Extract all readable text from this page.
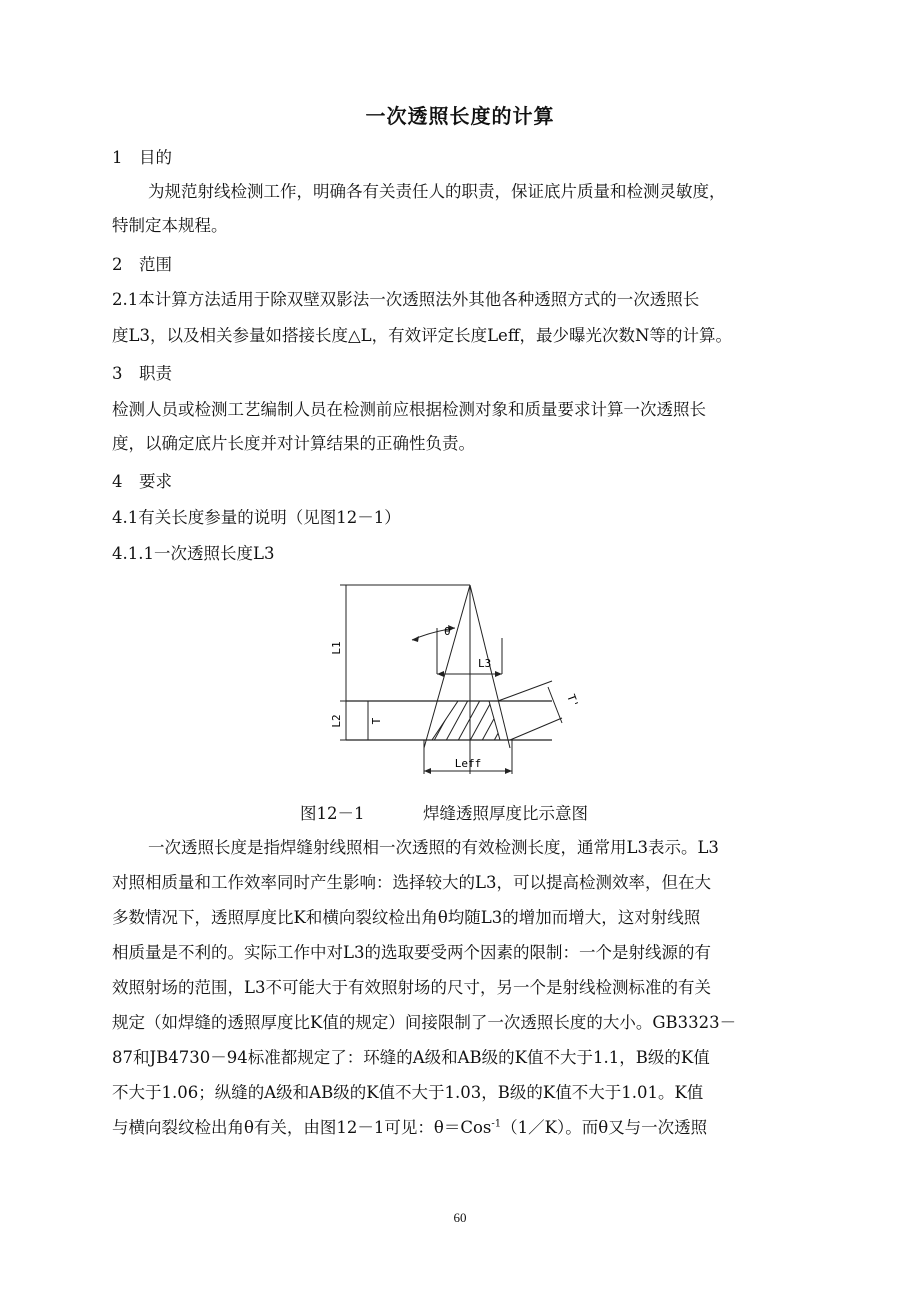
一次透照长度的计算
1　目的
为规范射线检测工作，明确各有关责任人的职责，保证底片质量和检测灵敏度，
特制定本规程。
2　范围
2.1本计算方法适用于除双壁双影法一次透照法外其他各种透照方式的一次透照长
度L3，以及相关参量如搭接长度△L，有效评定长度Leff，最少曝光次数N等的计算。
3　职责
检测人员或检测工艺编制人员在检测前应根据检测对象和质量要求计算一次透照长
度，以确定底片长度并对计算结果的正确性负责。
4　要求
4.1有关长度参量的说明（见图12－1）
4.1.1一次透照长度L3
L1
L2 T
L3
θ
T'
Leff
图12－1	焊缝透照厚度比示意图
一次透照长度是指焊缝射线照相一次透照的有效检测长度，通常用L3表示。L3
对照相质量和工作效率同时产生影响：选择较大的L3，可以提高检测效率，但在大
多数情况下，透照厚度比K和横向裂纹检出角θ均随L3的增加而增大，这对射线照
相质量是不利的。实际工作中对L3的选取要受两个因素的限制：一个是射线源的有
效照射场的范围，L3不可能大于有效照射场的尺寸，另一个是射线检测标准的有关
规定（如焊缝的透照厚度比K值的规定）间接限制了一次透照长度的大小。GB3323－
87和JB4730－94标准都规定了：环缝的A级和AB级的K值不大于1.1，B级的K值
不大于1.06；纵缝的A级和AB级的K值不大于1.03，B级的K值不大于1.01。K值
与横向裂纹检出角θ有关，由图12－1可见：θ＝Cos$^{-1}$（1／K）。而θ又与一次透照
60
